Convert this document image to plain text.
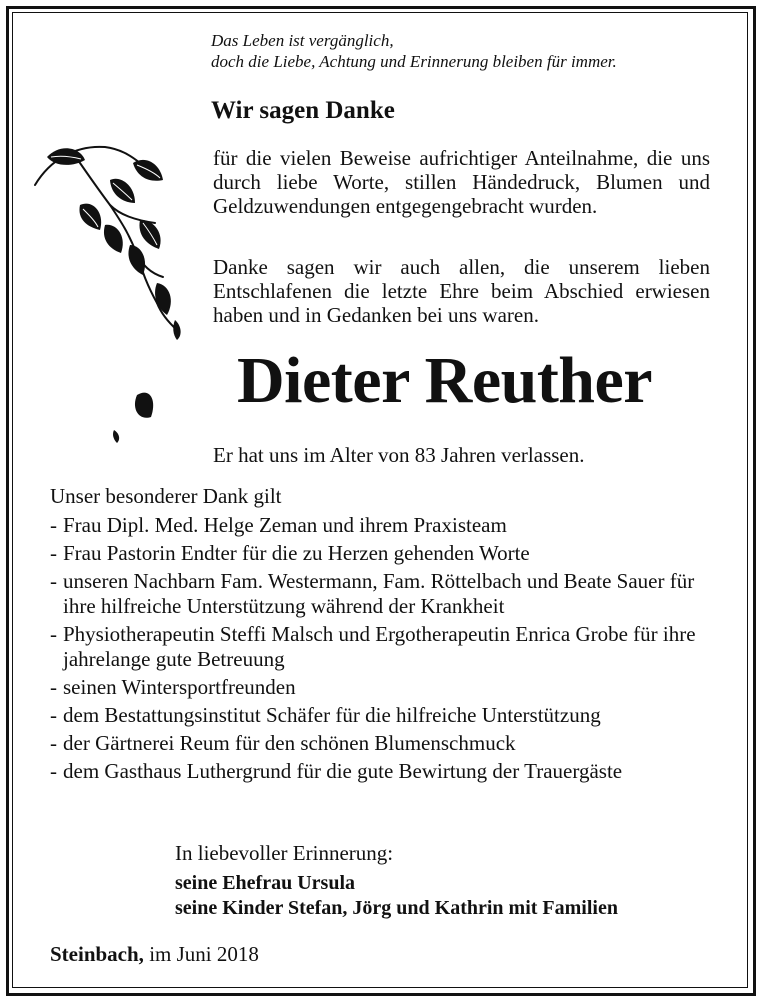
Das Leben ist vergänglich,
doch die Liebe, Achtung und Erinnerung bleiben für immer.
Wir sagen Danke
für die vielen Beweise aufrichtiger Anteilnahme, die uns durch liebe Worte, stillen Händedruck, Blumen und Geldzuwendungen entgegengebracht wurden.
Danke sagen wir auch allen, die unserem lieben Entschlafenen die letzte Ehre beim Abschied erwiesen haben und in Gedanken bei uns waren.
Dieter Reuther
Er hat uns im Alter von 83 Jahren verlassen.
Unser besonderer Dank gilt
- Frau Dipl. Med. Helge Zeman und ihrem Praxisteam
- Frau Pastorin Endter für die zu Herzen gehenden Worte
- unseren Nachbarn Fam. Westermann, Fam. Röttelbach und Beate Sauer für ihre hilfreiche Unterstützung während der Krankheit
- Physiotherapeutin Steffi Malsch und Ergotherapeutin Enrica Grobe für ihre jahrelange gute Betreuung
- seinen Wintersportfreunden
- dem Bestattungsinstitut Schäfer für die hilfreiche Unterstützung
- der Gärtnerei Reum für den schönen Blumenschmuck
- dem Gasthaus Luthergrund für die gute Bewirtung der Trauergäste
In liebevoller Erinnerung:
seine Ehefrau Ursula
seine Kinder Stefan, Jörg und Kathrin mit Familien
Steinbach, im Juni 2018
